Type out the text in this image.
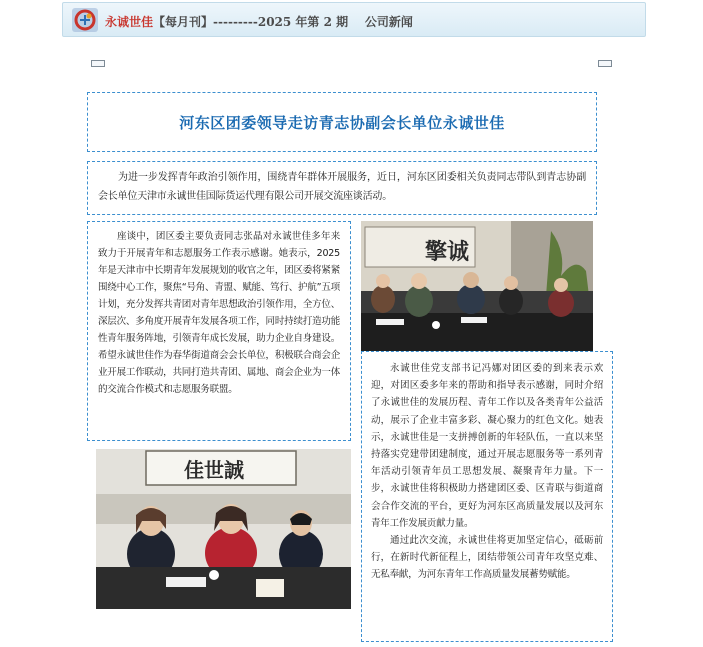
永诚世佳【每月刊】---------2025 年第 2 期 公司新闻
河东区团委领导走访青志协副会长单位永诚世佳

为进一步发挥青年政治引领作用，围绕青年群体开展服务，近日，河东区团委相关负责同志带队到青志协副会长单位天津市永诚世佳国际货运代理有限公司开展交流座谈活动。

座谈中，团区委主要负责同志张晶对永诚世佳多年来致力于开展青年和志愿服务工作表示感谢。她表示，2025 年是天津市中长期青年发展规划的收官之年，团区委将紧紧围绕中心工作，聚焦“号角、青盟、赋能、笃行、护航”五项计划，充分发挥共青团对青年思想政治引领作用，全方位、深层次、多角度开展青年发展各项工作，同时持续打造功能性青年服务阵地，引领青年成长发展，助力企业自身建设。希望永诚世佳作为春华街道商会会长单位，积极联合商会企业开展工作联动，共同打造共青团、属地、商会企业为一体的交流合作模式和志愿服务联盟。

擎诚
佳世誠

永诚世佳党支部书记冯娜对团区委的到来表示欢迎，对团区委多年来的帮助和指导表示感谢，同时介绍了永诚世佳的发展历程、青年工作以及各类青年公益活动，展示了企业丰富多彩、凝心聚力的红色文化。她表示，永诚世佳是一支拼搏创新的年轻队伍，一直以来坚持落实党建带团建制度，通过开展志愿服务等一系列青年活动引领青年员工思想发展、凝聚青年力量。下一步，永诚世佳将积极助力搭建团区委、区青联与街道商会合作交流的平台，更好为河东区高质量发展以及河东青年工作发展贡献力量。

通过此次交流，永诚世佳将更加坚定信心，砥砺前行，在新时代新征程上，团结带领公司青年攻坚克难、无私奉献，为河东青年工作高质量发展蓄势赋能。
